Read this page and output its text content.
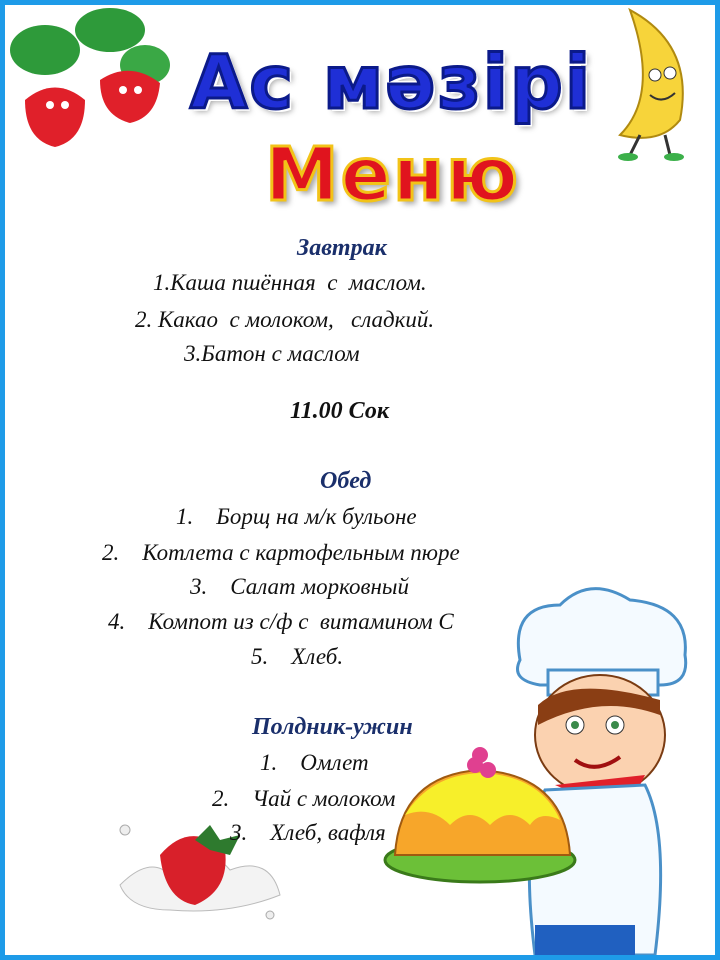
Ас мәзірі
Меню
Завтрак
1.Каша пшённая  с  маслом.
2. Какао  с молоком,   сладкий.
3.Батон с маслом
11.00 Сок
Обед
1.    Борщ на м/к бульоне
2.    Котлета с картофельным пюре
3.    Салат морковный
4.    Компот из с/ф с  витамином С
5.    Хлеб.
Полдник-ужин
1.    Омлет
2.    Чай с молоком
3.    Хлеб, вафля
